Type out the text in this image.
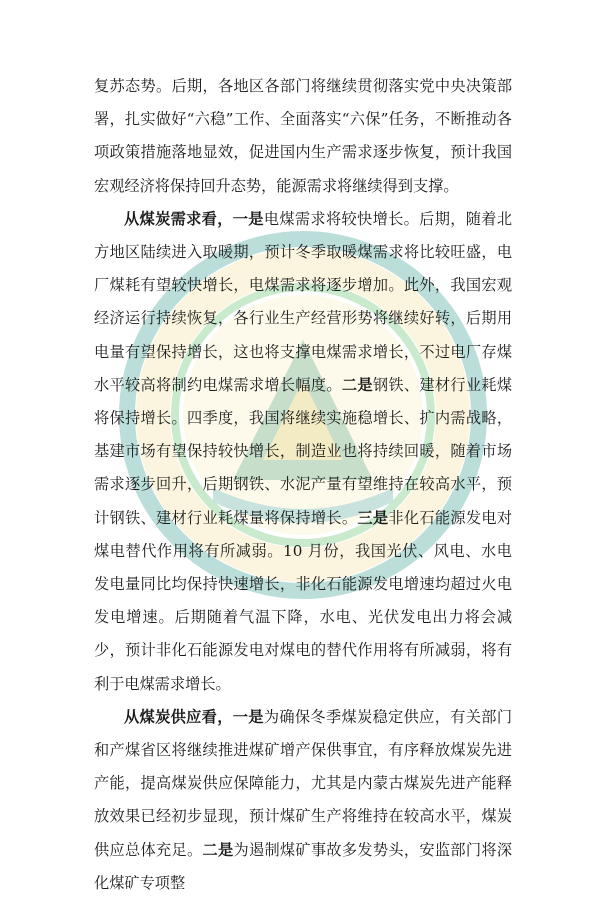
复苏态势。后期，各地区各部门将继续贯彻落实党中央决策部署，扎实做好“六稳”工作、全面落实“六保”任务，不断推动各项政策措施落地显效，促进国内生产需求逐步恢复，预计我国宏观经济将保持回升态势，能源需求将继续得到支撑。

从煤炭需求看，一是电煤需求将较快增长。后期，随着北方地区陆续进入取暖期，预计冬季取暖煤需求将比较旺盛，电厂煤耗有望较快增长，电煤需求将逐步增加。此外，我国宏观经济运行持续恢复，各行业生产经营形势将继续好转，后期用电量有望保持增长，这也将支撑电煤需求增长，不过电厂存煤水平较高将制约电煤需求增长幅度。二是钢铁、建材行业耗煤将保持增长。四季度，我国将继续实施稳增长、扩内需战略，基建市场有望保持较快增长，制造业也将持续回暖，随着市场需求逐步回升，后期钢铁、水泥产量有望维持在较高水平，预计钢铁、建材行业耗煤量将保持增长。三是非化石能源发电对煤电替代作用将有所减弱。10 月份，我国光伏、风电、水电发电量同比均保持快速增长，非化石能源发电增速均超过火电发电增速。后期随着气温下降，水电、光伏发电出力将会减少，预计非化石能源发电对煤电的替代作用将有所减弱，将有利于电煤需求增长。

从煤炭供应看，一是为确保冬季煤炭稳定供应，有关部门和产煤省区将继续推进煤矿增产保供事宜，有序释放煤炭先进产能，提高煤炭供应保障能力，尤其是内蒙古煤炭先进产能释放效果已经初步显现，预计煤矿生产将维持在较高水平，煤炭供应总体充足。二是为遏制煤矿事故多发势头，安监部门将深化煤矿专项整
